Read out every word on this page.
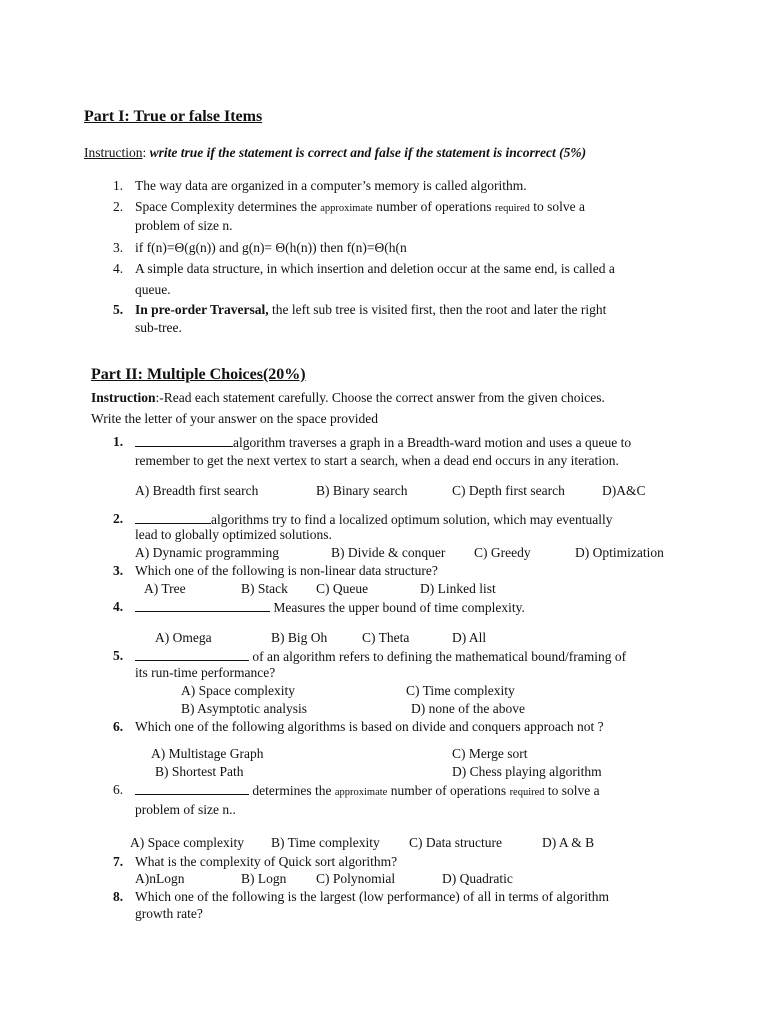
Part I: True or false Items
Instruction: write true if the statement is correct and false if the statement is incorrect (5%)
1. The way data are organized in a computer’s memory is called algorithm.
2. Space Complexity determines the approximate number of operations required to solve a
problem of size n.
3. if f(n)=Θ(g(n)) and g(n)= Θ(h(n)) then f(n)=Θ(h(n
4. A simple data structure, in which insertion and deletion occur at the same end, is called a
queue.
5. In pre-order Traversal, the left sub tree is visited first, then the root and later the right
sub-tree.
Part II: Multiple Choices(20%)
Instruction:-Read each statement carefully. Choose the correct answer from the given choices.
Write the letter of your answer on the space provided
1.	algorithm traverses a graph in a Breadth-ward motion and uses a queue to
remember to get the next vertex to start a search, when a dead end occurs in any iteration.
A) Breadth first search	B) Binary search	C) Depth first search	D)A&C
2.	algorithms try to find a localized optimum solution, which may eventually
lead to globally optimized solutions.
A) Dynamic programming	B) Divide & conquer C) Greedy	D) Optimization
3. Which one of the following is non-linear data structure?
A) Tree	B) Stack C) Queue	D) Linked list
4.	Measures the upper bound of time complexity.
A) Omega	B) Big Oh	C) Theta	D) All
5.	of an algorithm refers to defining the mathematical bound/framing of
its run-time performance?
A) Space complexity	C) Time complexity
B) Asymptotic analysis	D) none of the above
6. Which one of the following algorithms is based on divide and conquers approach not ?
A) Multistage Graph	C) Merge sort
B) Shortest Path	D) Chess playing algorithm
6.	determines the approximate number of operations required to solve a
problem of size n..
A) Space complexity B) Time complexity C) Data structure	D) A & B
7. What is the complexity of Quick sort algorithm?
A)nLogn	B) Logn C) Polynomial	D) Quadratic
8. Which one of the following is the largest (low performance) of all in terms of algorithm
growth rate?
